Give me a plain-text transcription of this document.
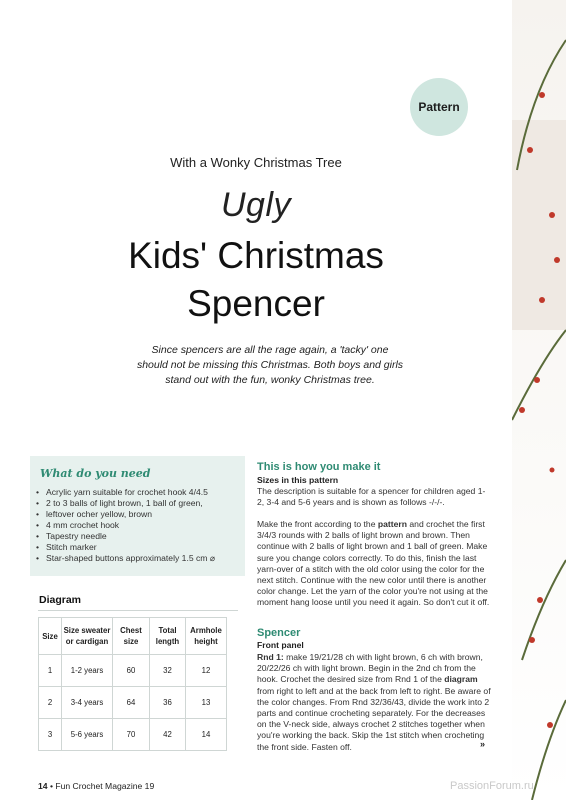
Pattern
With a Wonky Christmas Tree
Ugly
Kids' Christmas
Spencer
Since spencers are all the rage again, a 'tacky' one
should not be missing this Christmas. Both boys and girls
stand out with the fun, wonky Christmas tree.
What do you need
• Acrylic yarn suitable for crochet hook 4/4.5
• 2 to 3 balls of light brown, 1 ball of green,
• leftover ocher yellow, brown
• 4 mm crochet hook
• Tapestry needle
• Stitch marker
• Star-shaped buttons approximately 1.5 cm ⌀
Diagram
Size	Size sweater or cardigan	Chest size	Total length	Armhole height
1	1-2 years	60	32	12
2	3-4 years	64	36	13
3	5-6 years	70	42	14
This is how you make it
Sizes in this pattern

The description is suitable for a spencer for children aged 1-2, 3-4 and 5-6 years and is shown as follows -/-/-.

Make the front according to the pattern and crochet the first 3/4/3 rounds with 2 balls of light brown and brown. Then continue with 2 balls of light brown and 1 ball of green. Make sure you change colors correctly. To do this, finish the last yarn-over of a stitch with the old color using the color for the next stitch. Continue with the new color until there is another color change. Let the yarn of the color you're not using at the moment hang loose until you need it again. So don't cut it off.

Spencer
Front panel

Rnd 1: make 19/21/28 ch with light brown, 6 ch with brown, 20/22/26 ch with light brown. Begin in the 2nd ch from the hook. Crochet the desired size from Rnd 1 of the diagram from right to left and at the back from left to right. Be aware of the color changes. From Rnd 32/36/43, divide the work into 2 parts and continue crocheting separately. For the decreases on the V-neck side, always crochet 2 stitches together when you're working the back. Skip the 1st stitch when crocheting the front side. Fasten off.	»
14 • Fun Crochet Magazine 19	PassionForum.ru
